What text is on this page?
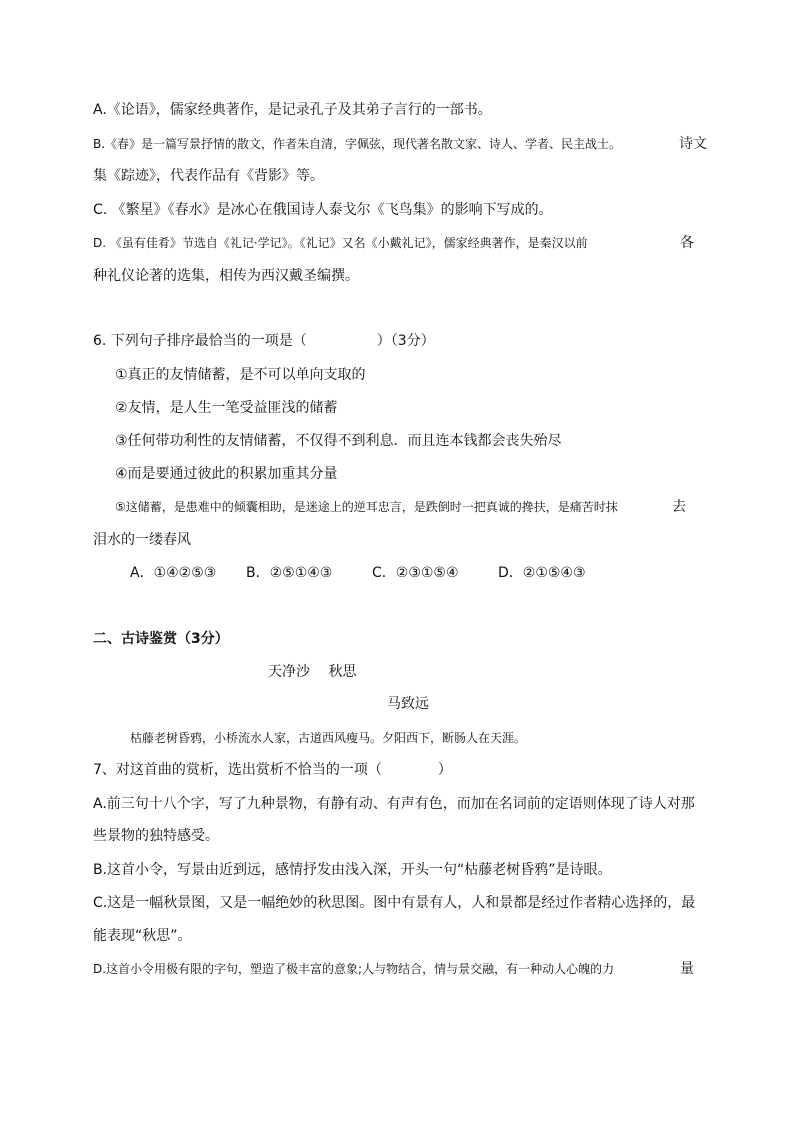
A.《论语》，儒家经典著作，是记录孔子及其弟子言行的一部书。
B.《春》是一篇写景抒情的散文，作者朱自清，字佩弦，现代著名散文家、诗人、学者、民主战士。	诗文
集《踪迹》，代表作品有《背影》等。
C. 《繁星》《春水》是冰心在俄国诗人泰戈尔《飞鸟集》的影响下写成的。
D. 《虽有佳肴》节选自《礼记·学记》。《礼记》又名《小戴礼记》，儒家经典著作，是秦汉以前	各
种礼仪论著的选集，相传为西汉戴圣编撰。
6. 下列句子排序最恰当的一项是（　　　　　）（3分）
①真正的友情储蓄，是不可以单向支取的
②友情，是人生一笔受益匪浅的储蓄
③任何带功利性的友情储蓄，不仅得不到利息．而且连本钱都会丧失殆尽
④而是要通过彼此的积累加重其分量
⑤这储蓄，是患难中的倾囊相助，是迷途上的逆耳忠言，是跌倒时一把真诚的搀扶，是痛苦时抹	去
泪水的一缕春风
A．①④②⑤③ B．②⑤①④③	C．②③①⑤④	D．②①⑤④③
二、古诗鉴赏（3分）
天净沙　 秋思
马致远
枯藤老树昏鸦，小桥流水人家，古道西风瘦马。夕阳西下，断肠人在天涯。
7、对这首曲的赏析，选出赏析不恰当的一项（　　　　）
A.前三句十八个字，写了九种景物，有静有动、有声有色，而加在名词前的定语则体现了诗人对那
些景物的独特感受。
B.这首小令，写景由近到远，感情抒发由浅入深，开头一句“枯藤老树昏鸦”是诗眼。
C.这是一幅秋景图，又是一幅绝妙的秋思图。图中有景有人，人和景都是经过作者精心选择的，最
能表现“秋思”。
D.这首小令用极有限的字句，塑造了极丰富的意象;人与物结合，情与景交融，有一种动人心魄的力	量
